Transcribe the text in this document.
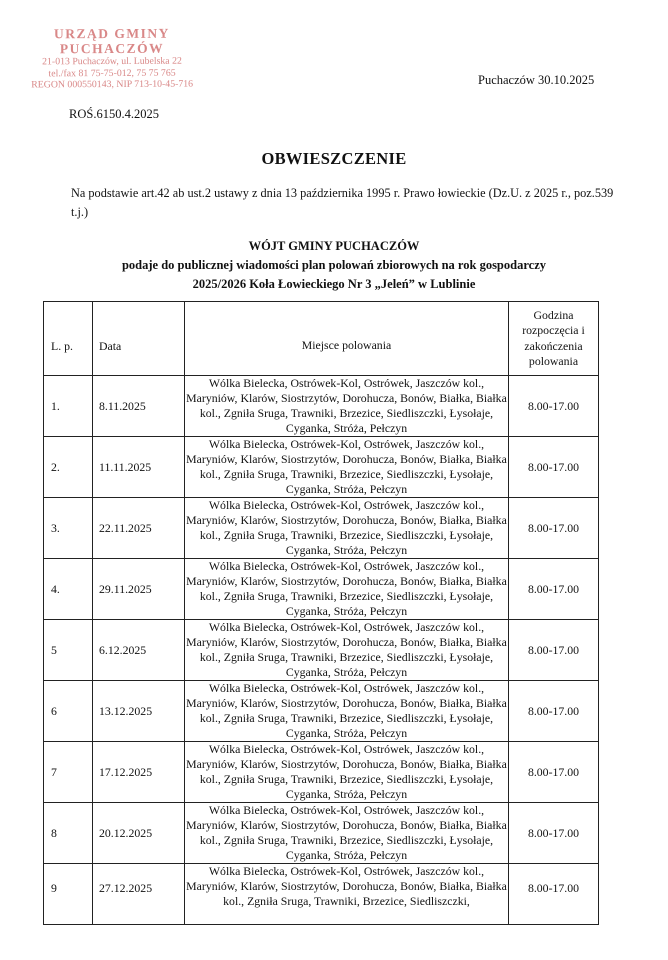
URZĄD GMINY
PUCHACZÓW
21-013 Puchaczów, ul. Lubelska 22
tel./fax 81 75-75-012, 75 75 765
REGON 000550143, NIP 713-10-45-716	Puchaczów 30.10.2025
ROŚ.6150.4.2025
OBWIESZCZENIE
Na podstawie art.42 ab ust.2 ustawy z dnia 13 października 1995 r. Prawo łowieckie (Dz.U. z 2025 r., poz.539 t.j.)
WÓJT GMINY PUCHACZÓW
podaje do publicznej wiadomości plan polowań zbiorowych na rok gospodarczy
2025/2026 Koła Łowieckiego Nr 3 „Jeleń” w Lublinie
L. p.	Data	Miejsce polowania	Godzina rozpoczęcia i zakończenia polowania
1.	8.11.2025	Wólka Bielecka, Ostrówek-Kol, Ostrówek, Jaszczów kol., Maryniów, Klarów, Siostrzytów, Dorohucza, Bonów, Białka, Białka kol., Zgniła Sruga, Trawniki, Brzezice, Siedliszczki, Łysołaje, Cyganka, Stróża, Pełczyn	8.00-17.00
2.	11.11.2025	Wólka Bielecka, Ostrówek-Kol, Ostrówek, Jaszczów kol., Maryniów, Klarów, Siostrzytów, Dorohucza, Bonów, Białka, Białka kol., Zgniła Sruga, Trawniki, Brzezice, Siedliszczki, Łysołaje, Cyganka, Stróża, Pełczyn	8.00-17.00
3.	22.11.2025	Wólka Bielecka, Ostrówek-Kol, Ostrówek, Jaszczów kol., Maryniów, Klarów, Siostrzytów, Dorohucza, Bonów, Białka, Białka kol., Zgniła Sruga, Trawniki, Brzezice, Siedliszczki, Łysołaje, Cyganka, Stróża, Pełczyn	8.00-17.00
4.	29.11.2025	Wólka Bielecka, Ostrówek-Kol, Ostrówek, Jaszczów kol., Maryniów, Klarów, Siostrzytów, Dorohucza, Bonów, Białka, Białka kol., Zgniła Sruga, Trawniki, Brzezice, Siedliszczki, Łysołaje, Cyganka, Stróża, Pełczyn	8.00-17.00
5	6.12.2025	Wólka Bielecka, Ostrówek-Kol, Ostrówek, Jaszczów kol., Maryniów, Klarów, Siostrzytów, Dorohucza, Bonów, Białka, Białka kol., Zgniła Sruga, Trawniki, Brzezice, Siedliszczki, Łysołaje, Cyganka, Stróża, Pełczyn	8.00-17.00
6	13.12.2025	Wólka Bielecka, Ostrówek-Kol, Ostrówek, Jaszczów kol., Maryniów, Klarów, Siostrzytów, Dorohucza, Bonów, Białka, Białka kol., Zgniła Sruga, Trawniki, Brzezice, Siedliszczki, Łysołaje, Cyganka, Stróża, Pełczyn	8.00-17.00
7	17.12.2025	Wólka Bielecka, Ostrówek-Kol, Ostrówek, Jaszczów kol., Maryniów, Klarów, Siostrzytów, Dorohucza, Bonów, Białka, Białka kol., Zgniła Sruga, Trawniki, Brzezice, Siedliszczki, Łysołaje, Cyganka, Stróża, Pełczyn	8.00-17.00
8	20.12.2025	Wólka Bielecka, Ostrówek-Kol, Ostrówek, Jaszczów kol., Maryniów, Klarów, Siostrzytów, Dorohucza, Bonów, Białka, Białka kol., Zgniła Sruga, Trawniki, Brzezice, Siedliszczki, Łysołaje, Cyganka, Stróża, Pełczyn	8.00-17.00
9	27.12.2025	Wólka Bielecka, Ostrówek-Kol, Ostrówek, Jaszczów kol., Maryniów, Klarów, Siostrzytów, Dorohucza, Bonów, Białka, Białka kol., Zgniła Sruga, Trawniki, Brzezice, Siedliszczki,	8.00-17.00
